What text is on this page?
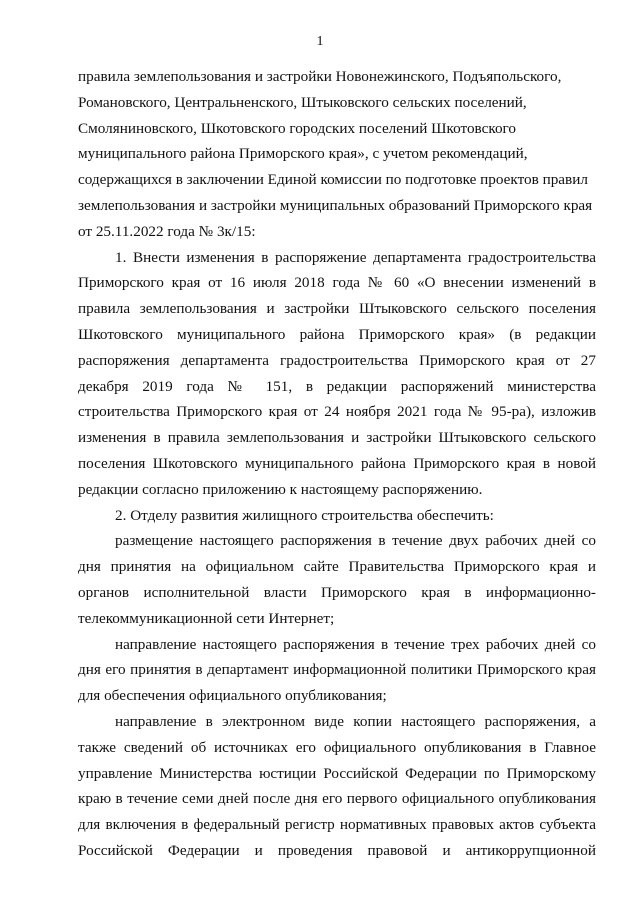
1

правила землепользования и застройки Новонежинского, Подъяпольского,
Романовского, Центральненского, Штыковского сельских поселений,
Смоляниновского, Шкотовского городских поселений Шкотовского
муниципального района Приморского края», с учетом рекомендаций,
содержащихся в заключении Единой комиссии по подготовке проектов правил
землепользования и застройки муниципальных образований Приморского края
от 25.11.2022 года № 3к/15:

1. Внести изменения в распоряжение департамента градостроительства
Приморского края от 16 июля 2018 года № 60 «О внесении изменений в
правила землепользования и застройки Штыковского сельского поселения
Шкотовского муниципального района Приморского края» (в редакции
распоряжения департамента градостроительства Приморского края от 27
декабря 2019 года № 151, в редакции распоряжений министерства
строительства Приморского края от 24 ноября 2021 года № 95-ра), изложив
изменения в правила землепользования и застройки Штыковского сельского
поселения Шкотовского муниципального района Приморского края в новой
редакции согласно приложению к настоящему распоряжению.

2. Отделу развития жилищного строительства обеспечить:

размещение настоящего распоряжения в течение двух рабочих дней со
дня принятия на официальном сайте Правительства Приморского края и
органов исполнительной власти Приморского края в информационно-
телекоммуникационной сети Интернет;

направление настоящего распоряжения в течение трех рабочих дней со
дня его принятия в департамент информационной политики Приморского края
для обеспечения официального опубликования;

направление в электронном виде копии настоящего распоряжения, а
также сведений об источниках его официального опубликования в Главное
управление Министерства юстиции Российской Федерации по Приморскому
краю в течение семи дней после дня его первого официального опубликования
для включения в федеральный регистр нормативных правовых актов субъекта
Российской Федерации и проведения правовой и антикоррупционной
